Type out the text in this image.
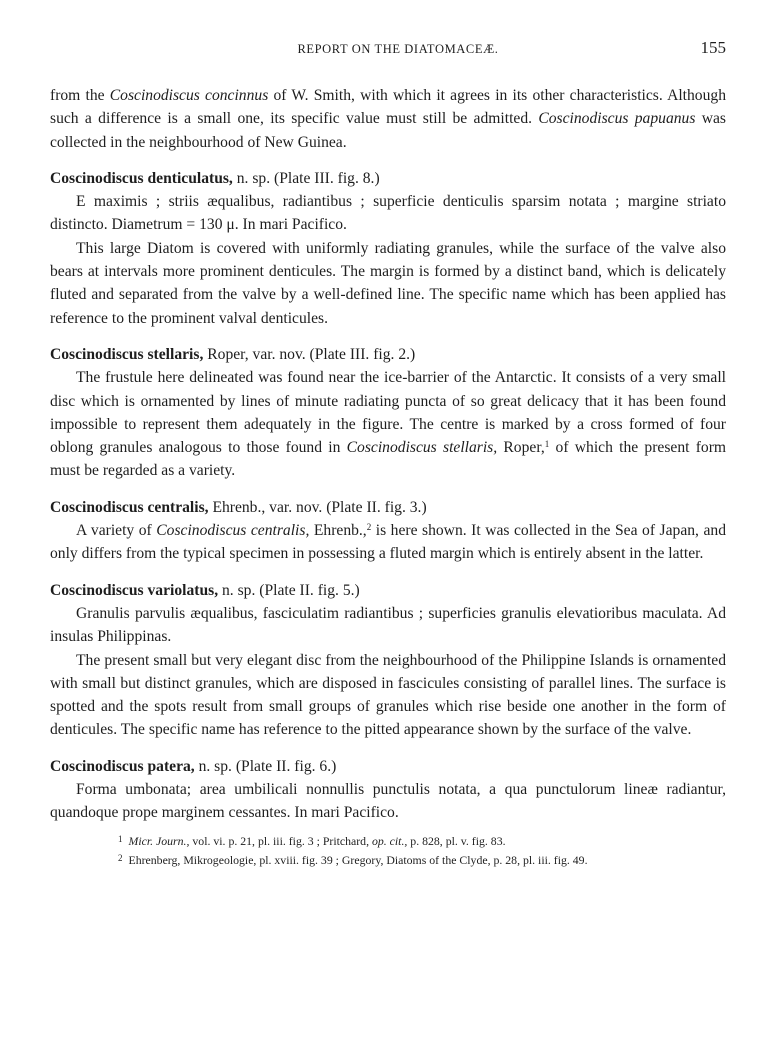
REPORT ON THE DIATOMACEÆ.	155

from the Coscinodiscus concinnus of W. Smith, with which it agrees in its other characteristics. Although such a difference is a small one, its specific value must still be admitted. Coscinodiscus papuanus was collected in the neighbourhood of New Guinea.

Coscinodiscus denticulatus, n. sp. (Plate III. fig. 8.)

E maximis ; striis æqualibus, radiantibus ; superficie denticulis sparsim notata ; margine striato distincto. Diametrum = 130 μ. In mari Pacifico.

This large Diatom is covered with uniformly radiating granules, while the surface of the valve also bears at intervals more prominent denticules. The margin is formed by a distinct band, which is delicately fluted and separated from the valve by a well-defined line. The specific name which has been applied has reference to the prominent valval denticules.

Coscinodiscus stellaris, Roper, var. nov. (Plate III. fig. 2.)

The frustule here delineated was found near the ice-barrier of the Antarctic. It consists of a very small disc which is ornamented by lines of minute radiating puncta of so great delicacy that it has been found impossible to represent them adequately in the figure. The centre is marked by a cross formed of four oblong granules analogous to those found in Coscinodiscus stellaris, Roper,$^1$ of which the present form must be regarded as a variety.

Coscinodiscus centralis, Ehrenb., var. nov. (Plate II. fig. 3.)

A variety of Coscinodiscus centralis, Ehrenb.,$^2$ is here shown. It was collected in the Sea of Japan, and only differs from the typical specimen in possessing a fluted margin which is entirely absent in the latter.

Coscinodiscus variolatus, n. sp. (Plate II. fig. 5.)

Granulis parvulis æqualibus, fasciculatim radiantibus ; superficies granulis elevatioribus maculata. Ad insulas Philippinas.

The present small but very elegant disc from the neighbourhood of the Philippine Islands is ornamented with small but distinct granules, which are disposed in fascicules consisting of parallel lines. The surface is spotted and the spots result from small groups of granules which rise beside one another in the form of denticules. The specific name has reference to the pitted appearance shown by the surface of the valve.

Coscinodiscus patera, n. sp. (Plate II. fig. 6.)

Forma umbonata; area umbilicali nonnullis punctulis notata, a qua punctulorum lineæ radiantur, quandoque prope marginem cessantes. In mari Pacifico.

$^1$ Micr. Journ., vol. vi. p. 21, pl. iii. fig. 3 ; Pritchard, op. cit., p. 828, pl. v. fig. 83.
$^2$ Ehrenberg, Mikrogeologie, pl. xviii. fig. 39 ; Gregory, Diatoms of the Clyde, p. 28, pl. iii. fig. 49.
